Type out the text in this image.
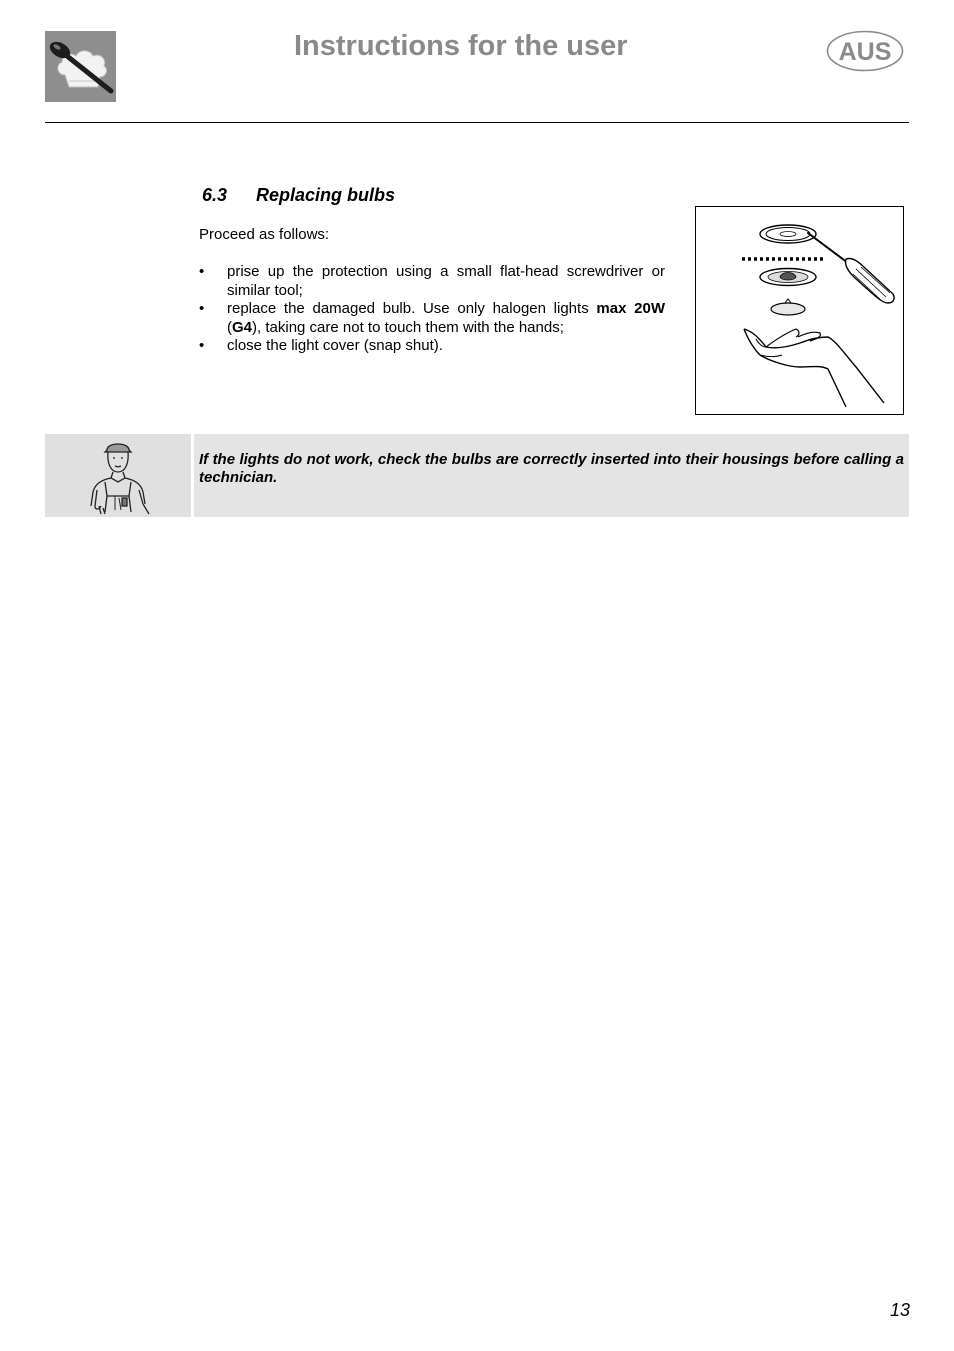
Instructions for the user	AUS
6.3 Replacing bulbs
Proceed as follows:
• prise up the protection using a small flat-head screwdriver or similar tool;
• replace the damaged bulb. Use only halogen lights max 20W (G4), taking care not to touch them with the hands;
• close the light cover (snap shut).
If the lights do not work, check the bulbs are correctly inserted into their housings before calling a technician.
13
